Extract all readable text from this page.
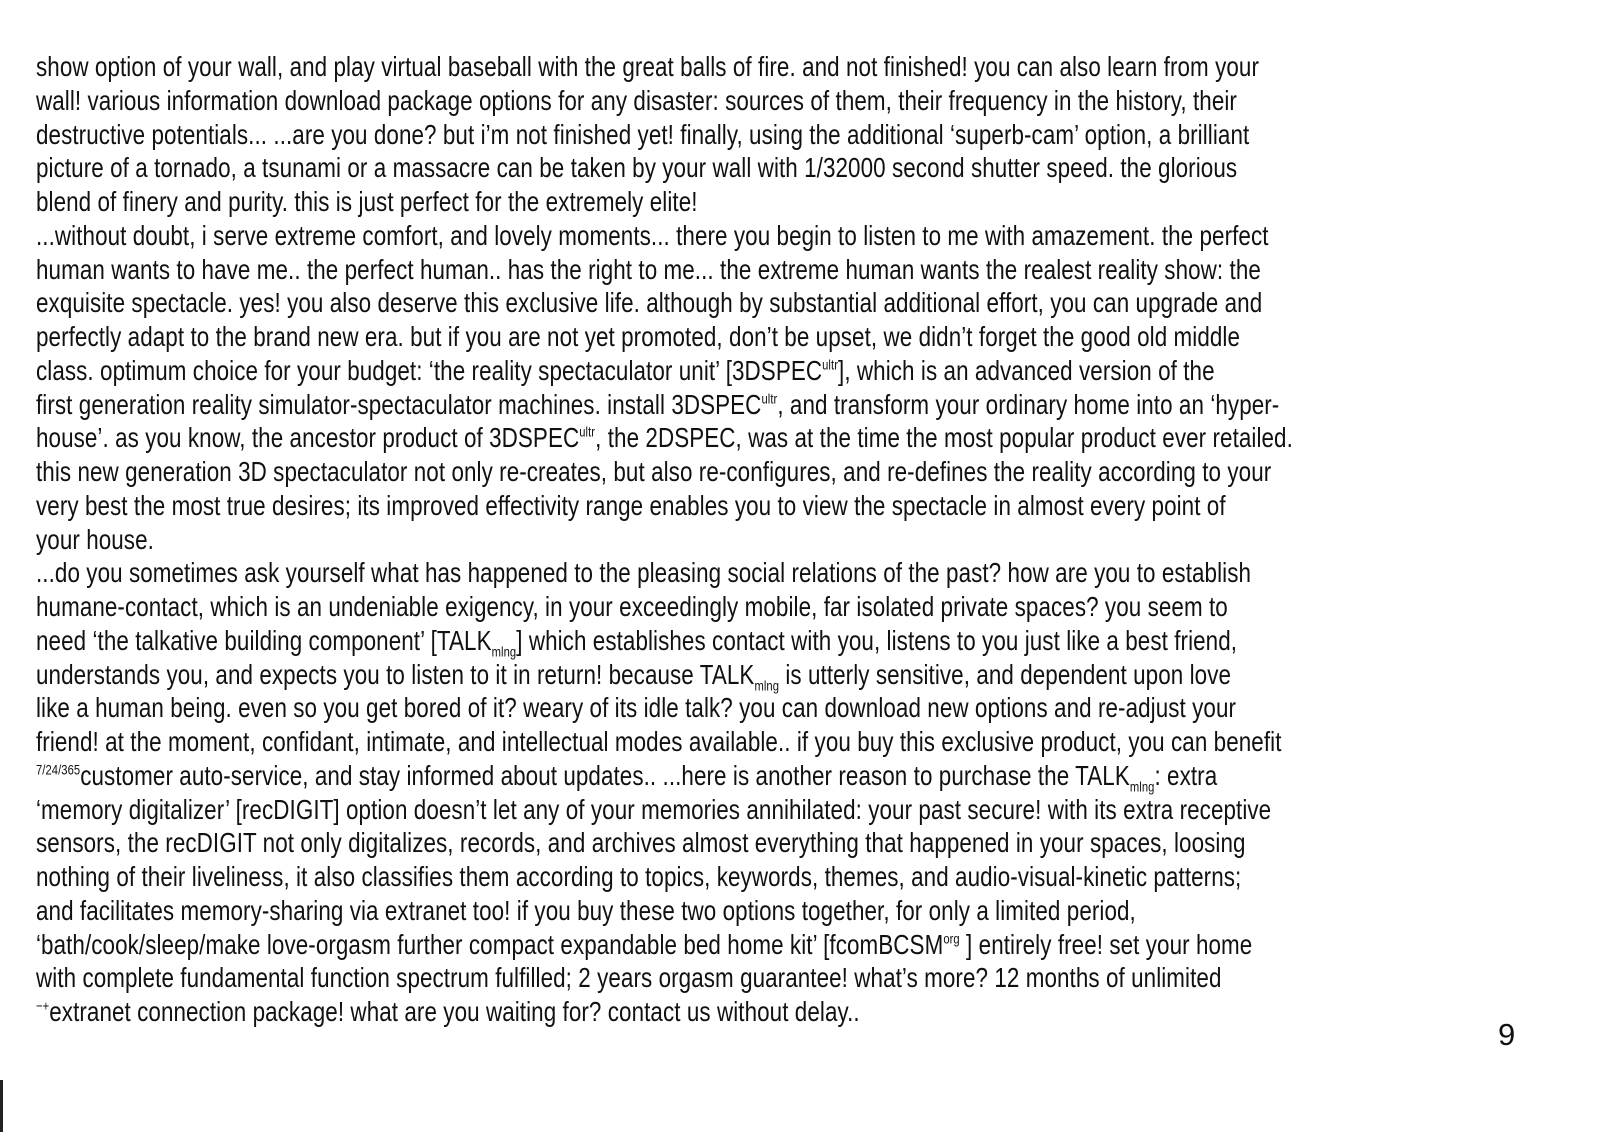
show option of your wall, and play virtual baseball with the great balls of fire. and not finished! you can also learn from your
wall! various information download package options for any disaster: sources of them, their frequency in the history, their
destructive potentials... ...are you done? but i’m not finished yet! finally, using the additional ‘superb-cam’ option, a brilliant
picture of a tornado, a tsunami or a massacre can be taken by your wall with 1/32000 second shutter speed. the glorious
blend of finery and purity. this is just perfect for the extremely elite!
...without doubt, i serve extreme comfort, and lovely moments... there you begin to listen to me with amazement. the perfect
human wants to have me.. the perfect human.. has the right to me... the extreme human wants the realest reality show: the
exquisite spectacle. yes! you also deserve this exclusive life. although by substantial additional effort, you can upgrade and
perfectly adapt to the brand new era. but if you are not yet promoted, don’t be upset, we didn’t forget the good old middle
class. optimum choice for your budget: ‘the reality spectaculator unit’ $[3DSPEC^{ultr}]$, which is an advanced version of the
first generation reality simulator-spectaculator machines. install $3DSPEC^{ultr}$, and transform your ordinary home into an ‘hyper-
house’. as you know, the ancestor product of $3DSPEC^{ultr}$, the 2DSPEC, was at the time the most popular product ever retailed.
this new generation 3D spectaculator not only re-creates, but also re-configures, and re-defines the reality according to your
very best the most true desires; its improved effectivity range enables you to view the spectacle in almost every point of
your house.
...do you sometimes ask yourself what has happened to the pleasing social relations of the past? how are you to establish
humane-contact, which is an undeniable exigency, in your exceedingly mobile, far isolated private spaces? you seem to
need ‘the talkative building component’ $[TALK_{mlng}]$ which establishes contact with you, listens to you just like a best friend,
understands you, and expects you to listen to it in return! because $TALK_{mlng}$ is utterly sensitive, and dependent upon love
like a human being. even so you get bored of it? weary of its idle talk? you can download new options and re-adjust your
friend! at the moment, confidant, intimate, and intellectual modes available.. if you buy this exclusive product, you can benefit
$^{7/24/365}$customer auto-service, and stay informed about updates.. ...here is another reason to purchase the $TALK_{mlng}$: extra
‘memory digitalizer’ [recDIGIT] option doesn’t let any of your memories annihilated: your past secure! with its extra receptive
sensors, the recDIGIT not only digitalizes, records, and archives almost everything that happened in your spaces, loosing
nothing of their liveliness, it also classifies them according to topics, keywords, themes, and audio-visual-kinetic patterns;
and facilitates memory-sharing via extranet too! if you buy these two options together, for only a limited period,
‘bath/cook/sleep/make love-orgasm further compact expandable bed home kit’ [fcomBCSM$^{org}$ ] entirely free! set your home
with complete fundamental function spectrum fulfilled; 2 years orgasm guarantee! what’s more? 12 months of unlimited
−+extranet connection package! what are you waiting for? contact us without delay..
9
